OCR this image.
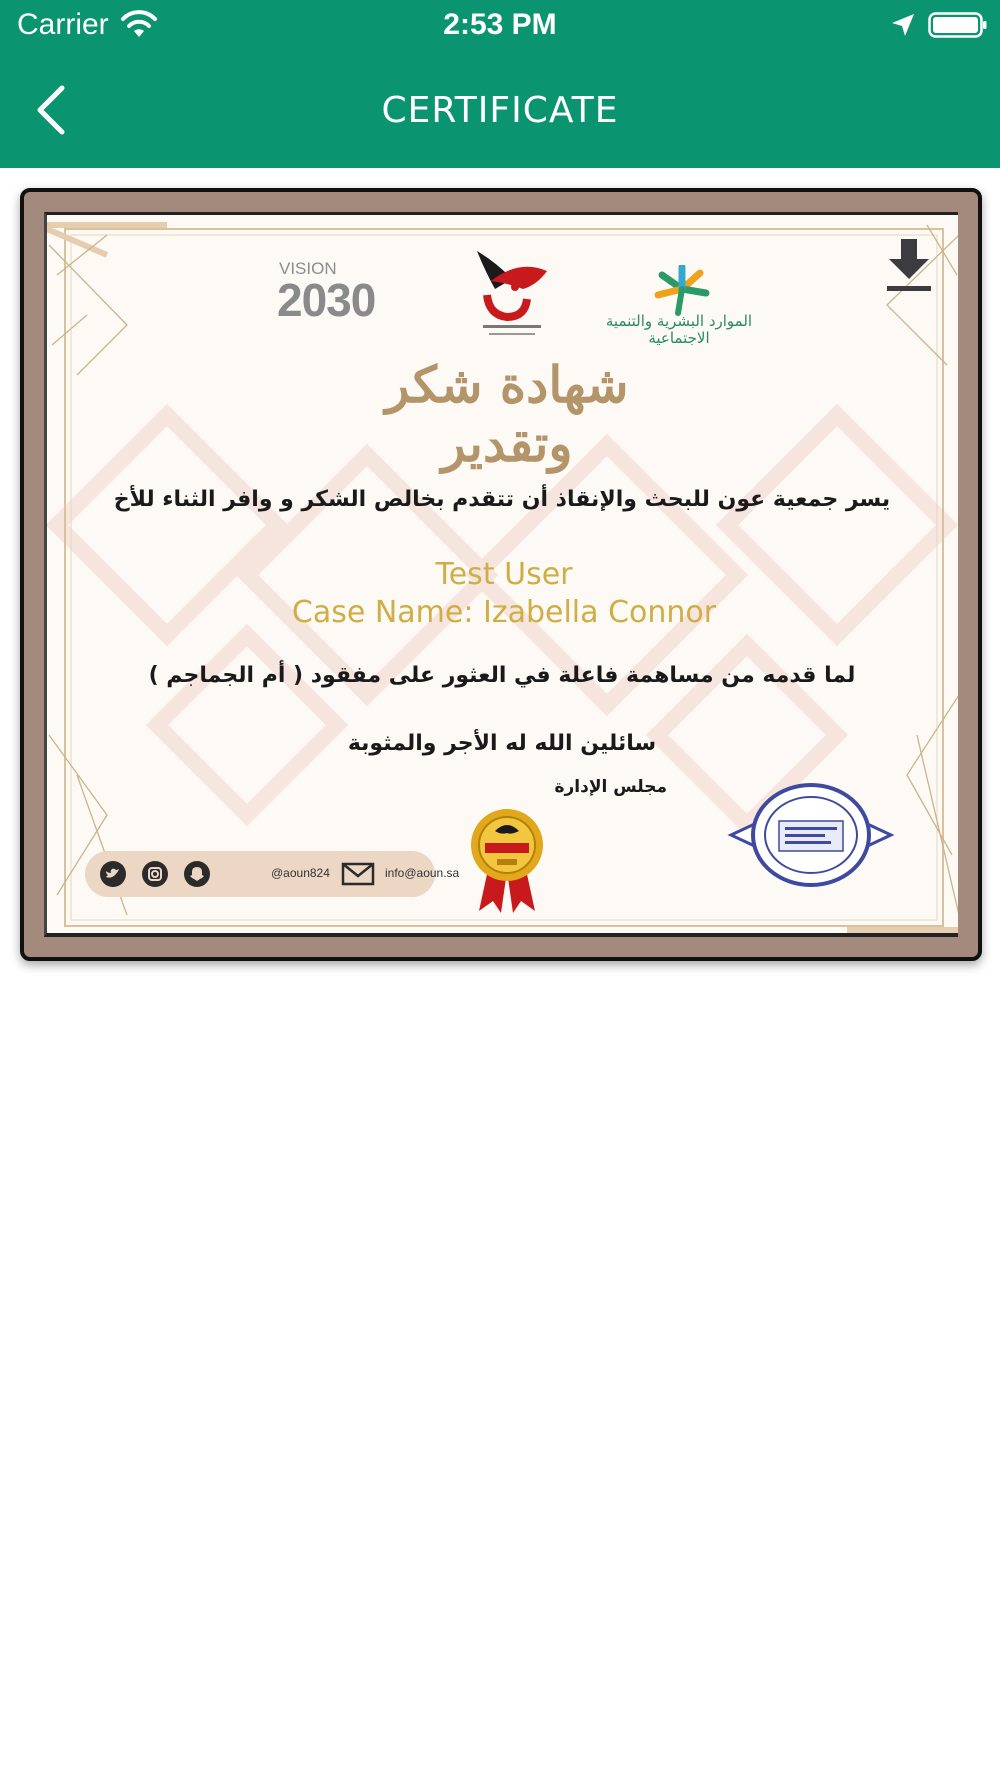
Carrier	2:53 PM
CERTIFICATE
VISION
2030	الموارد البشرية والتنمية الاجتماعية
شهادة شكر وتقدير
يسر جمعية عون للبحث والإنقاذ أن تتقدم بخالص الشكر و وافر الثناء للأخ
Test User
Case Name: Izabella Connor
لما قدمه من مساهمة فاعلة في العثور على مفقود ( أم الجماجم )
سائلين الله له الأجر والمثوبة
مجلس الإدارة
@aoun824	info@aoun.sa
